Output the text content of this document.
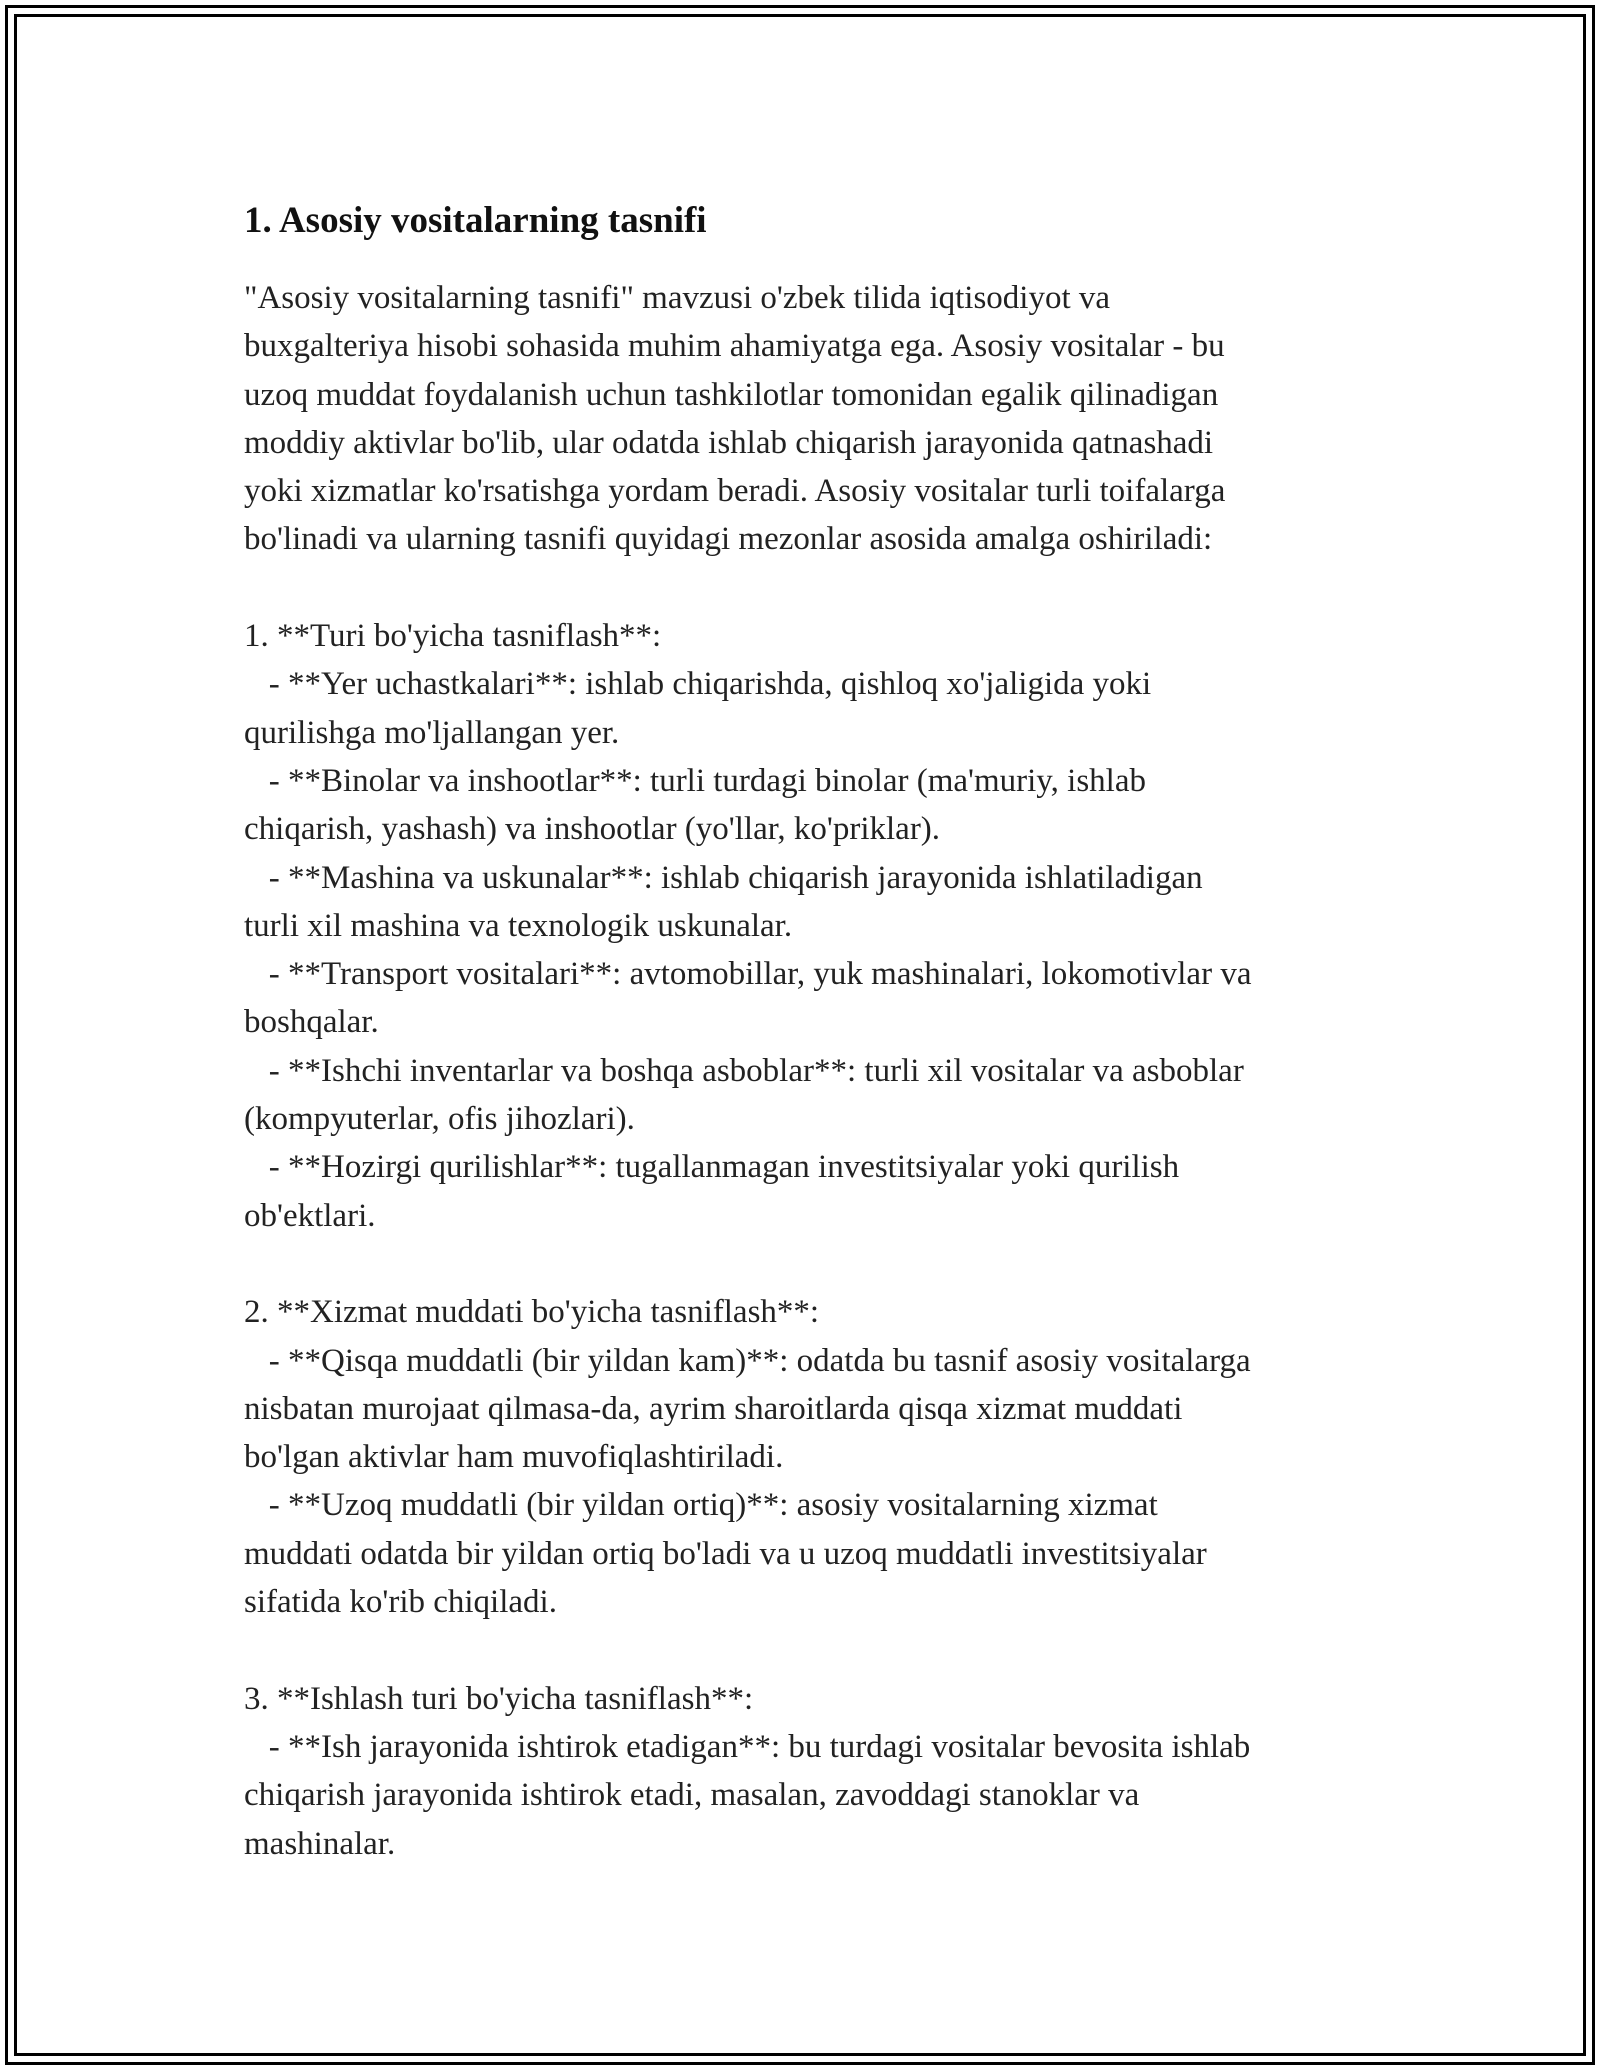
1. Asosiy vositalarning tasnifi

"Asosiy vositalarning tasnifi" mavzusi o'zbek tilida iqtisodiyot va
buxgalteriya hisobi sohasida muhim ahamiyatga ega. Asosiy vositalar - bu
uzoq muddat foydalanish uchun tashkilotlar tomonidan egalik qilinadigan
moddiy aktivlar bo'lib, ular odatda ishlab chiqarish jarayonida qatnashadi
yoki xizmatlar ko'rsatishga yordam beradi. Asosiy vositalar turli toifalarga
bo'linadi va ularning tasnifi quyidagi mezonlar asosida amalga oshiriladi:

1. **Turi bo'yicha tasniflash**:

- **Yer uchastkalari**: ishlab chiqarishda, qishloq xo'jaligida yoki
qurilishga mo'ljallangan yer.

- **Binolar va inshootlar**: turli turdagi binolar (ma'muriy, ishlab
chiqarish, yashash) va inshootlar (yo'llar, ko'priklar).

- **Mashina va uskunalar**: ishlab chiqarish jarayonida ishlatiladigan
turli xil mashina va texnologik uskunalar.

- **Transport vositalari**: avtomobillar, yuk mashinalari, lokomotivlar va
boshqalar.

- **Ishchi inventarlar va boshqa asboblar**: turli xil vositalar va asboblar
(kompyuterlar, ofis jihozlari).

- **Hozirgi qurilishlar**: tugallanmagan investitsiyalar yoki qurilish
ob'ektlari.

2. **Xizmat muddati bo'yicha tasniflash**:

- **Qisqa muddatli (bir yildan kam)**: odatda bu tasnif asosiy vositalarga
nisbatan murojaat qilmasa-da, ayrim sharoitlarda qisqa xizmat muddati
bo'lgan aktivlar ham muvofiqlashtiriladi.

- **Uzoq muddatli (bir yildan ortiq)**: asosiy vositalarning xizmat
muddati odatda bir yildan ortiq bo'ladi va u uzoq muddatli investitsiyalar
sifatida ko'rib chiqiladi.

3. **Ishlash turi bo'yicha tasniflash**:

- **Ish jarayonida ishtirok etadigan**: bu turdagi vositalar bevosita ishlab
chiqarish jarayonida ishtirok etadi, masalan, zavoddagi stanoklar va
mashinalar.
